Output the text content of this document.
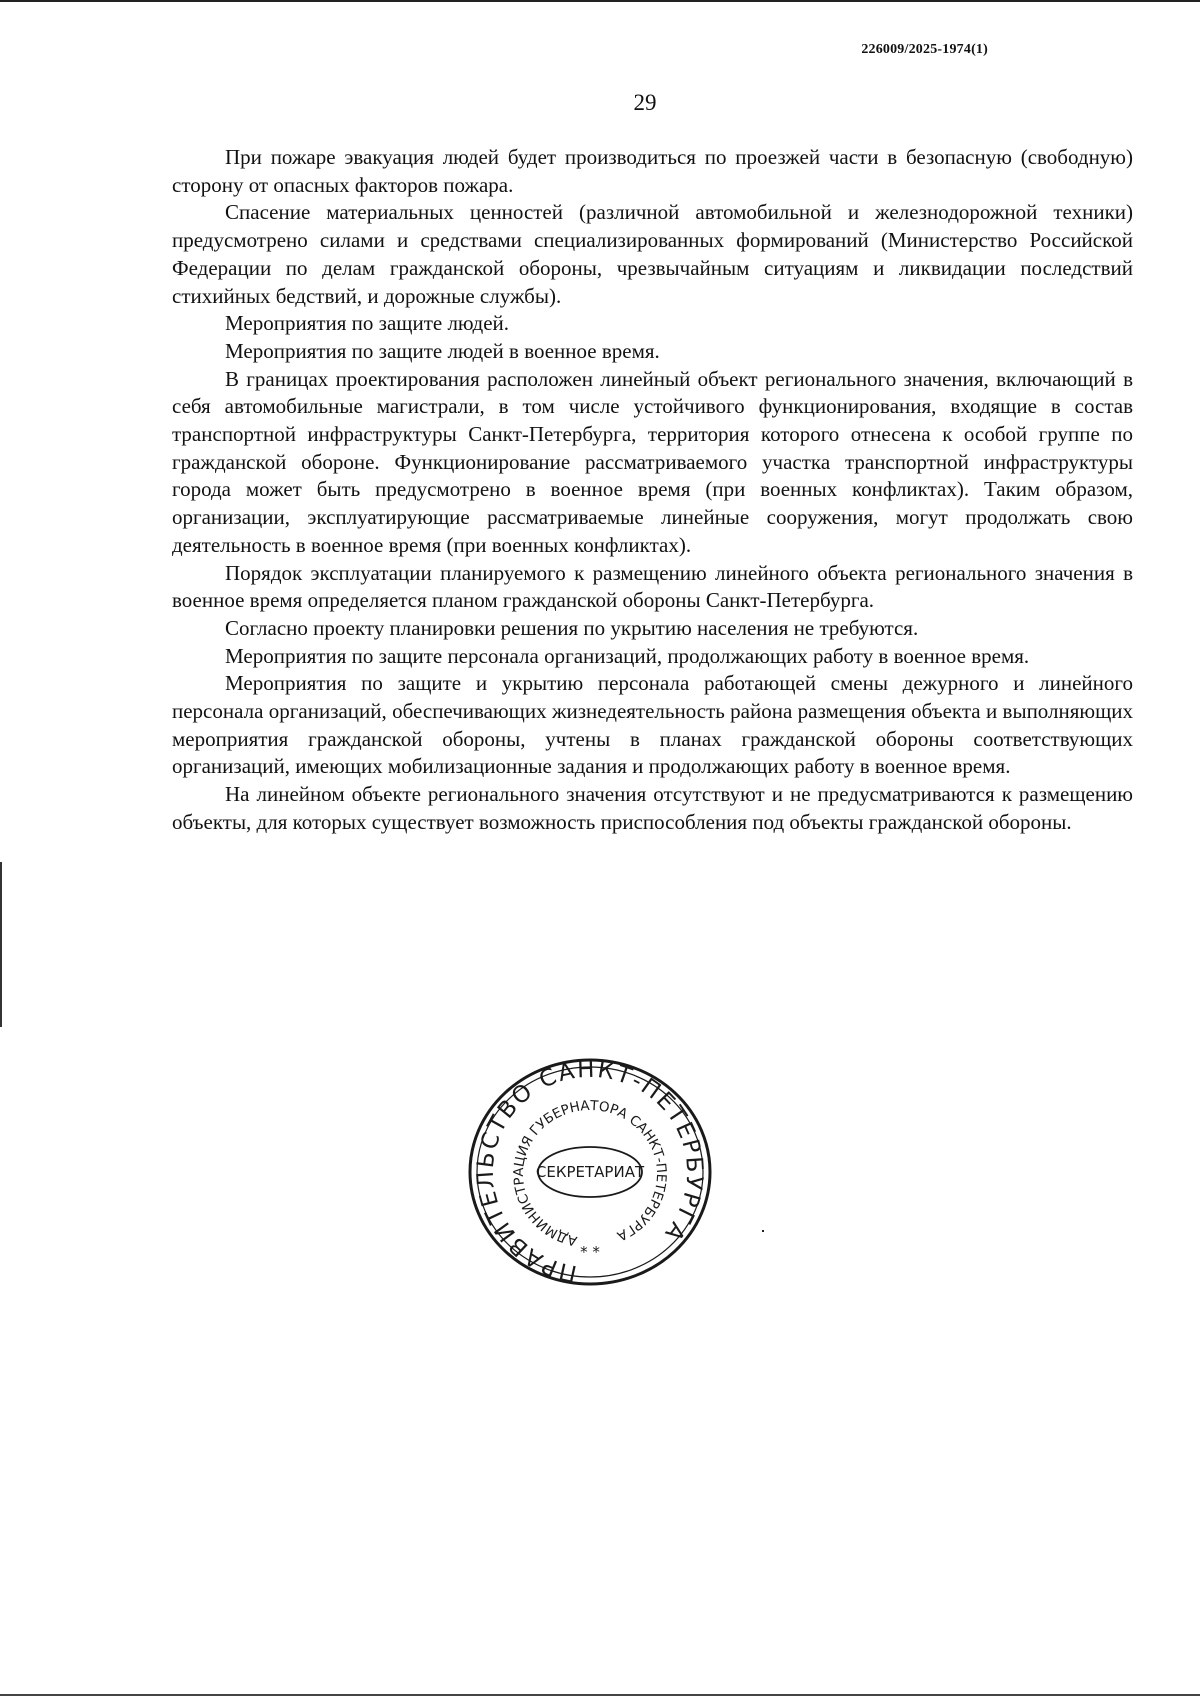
226009/2025-1974(1)
29

При пожаре эвакуация людей будет производиться по проезжей части в безопасную (свободную) сторону от опасных факторов пожара.

Спасение материальных ценностей (различной автомобильной и железнодорожной техники) предусмотрено силами и средствами специализированных формирований (Министерство Российской Федерации по делам гражданской обороны, чрезвычайным ситуациям и ликвидации последствий стихийных бедствий, и дорожные службы).

Мероприятия по защите людей.

Мероприятия по защите людей в военное время.

В границах проектирования расположен линейный объект регионального значения, включающий в себя автомобильные магистрали, в том числе устойчивого функционирования, входящие в состав транспортной инфраструктуры Санкт-Петербурга, территория которого отнесена к особой группе по гражданской обороне. Функционирование рассматриваемого участка транспортной инфраструктуры города может быть предусмотрено в военное время (при военных конфликтах). Таким образом, организации, эксплуатирующие рассматриваемые линейные сооружения, могут продолжать свою деятельность в военное время (при военных конфликтах).

Порядок эксплуатации планируемого к размещению линейного объекта регионального значения в военное время определяется планом гражданской обороны Санкт-Петербурга.

Согласно проекту планировки решения по укрытию населения не требуются.

Мероприятия по защите персонала организаций, продолжающих работу в военное время.

Мероприятия по защите и укрытию персонала работающей смены дежурного и линейного персонала организаций, обеспечивающих жизнедеятельность района размещения объекта и выполняющих мероприятия гражданской обороны, учтены в планах гражданской обороны соответствующих организаций, имеющих мобилизационные задания и продолжающих работу в военное время.

На линейном объекте регионального значения отсутствуют и не предусматриваются к размещению объекты, для которых существует возможность приспособления под объекты гражданской обороны.

ПРАВИТЕЛЬСТВО САНКТ-ПЕТЕРБУРГА
АДМИНИСТРАЦИЯ ГУБЕРНАТОРА САНКТ-ПЕТЕРБУРГА
СЕКРЕТАРИАТ
* *
